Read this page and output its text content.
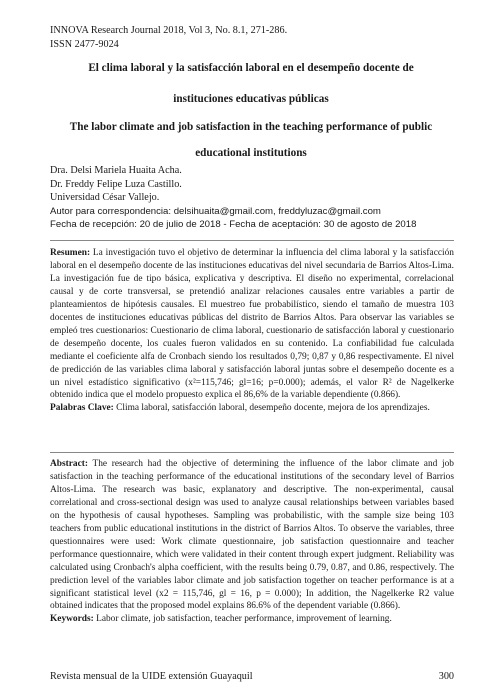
INNOVA Research Journal 2018, Vol 3, No. 8.1, 271-286.
ISSN 2477-9024
El clima laboral y la satisfacción laboral en el desempeño docente de
instituciones educativas públicas
The labor climate and job satisfaction in the teaching performance of public
educational institutions
Dra. Delsi Mariela Huaita Acha.
Dr. Freddy Felipe Luza Castillo.
Universidad César Vallejo.
Autor para correspondencia: delsihuaita@gmail.com, freddyluzac@gmail.com
Fecha de recepción: 20 de julio de 2018 - Fecha de aceptación: 30 de agosto de 2018
Resumen: La investigación tuvo el objetivo de determinar la influencia del clima laboral y la satisfacción laboral en el desempeño docente de las instituciones educativas del nivel secundaria de Barrios Altos-Lima. La investigación fue de tipo básica, explicativa y descriptiva. El diseño no experimental, correlacional causal y de corte transversal, se pretendió analizar relaciones causales entre variables a partir de planteamientos de hipótesis causales. El muestreo fue probabilístico, siendo el tamaño de muestra 103 docentes de instituciones educativas públicas del distrito de Barrios Altos. Para observar las variables se empleó tres cuestionarios: Cuestionario de clima laboral, cuestionario de satisfacción laboral y cuestionario de desempeño docente, los cuales fueron validados en su contenido. La confiabilidad fue calculada mediante el coeficiente alfa de Cronbach siendo los resultados 0,79; 0,87 y 0,86 respectivamente. El nivel de predicción de las variables clima laboral y satisfacción laboral juntas sobre el desempeño docente es a un nivel estadístico significativo (x²=115,746; gl=16; p=0.000); además, el valor R² de Nagelkerke obtenido indica que el modelo propuesto explica el 86,6% de la variable dependiente (0.866).
Palabras Clave: Clima laboral, satisfacción laboral, desempeño docente, mejora de los aprendizajes.
Abstract: The research had the objective of determining the influence of the labor climate and job satisfaction in the teaching performance of the educational institutions of the secondary level of Barrios Altos-Lima. The research was basic, explanatory and descriptive. The non-experimental, causal correlational and cross-sectional design was used to analyze causal relationships between variables based on the hypothesis of causal hypotheses. Sampling was probabilistic, with the sample size being 103 teachers from public educational institutions in the district of Barrios Altos. To observe the variables, three questionnaires were used: Work climate questionnaire, job satisfaction questionnaire and teacher performance questionnaire, which were validated in their content through expert judgment. Reliability was calculated using Cronbach's alpha coefficient, with the results being 0.79, 0.87, and 0.86, respectively. The prediction level of the variables labor climate and job satisfaction together on teacher performance is at a significant statistical level (x2 = 115,746, gl = 16, p = 0.000); In addition, the Nagelkerke R2 value obtained indicates that the proposed model explains 86.6% of the dependent variable (0.866).
Keywords: Labor climate, job satisfaction, teacher performance, improvement of learning.
Revista mensual de la UIDE extensión Guayaquil	300
